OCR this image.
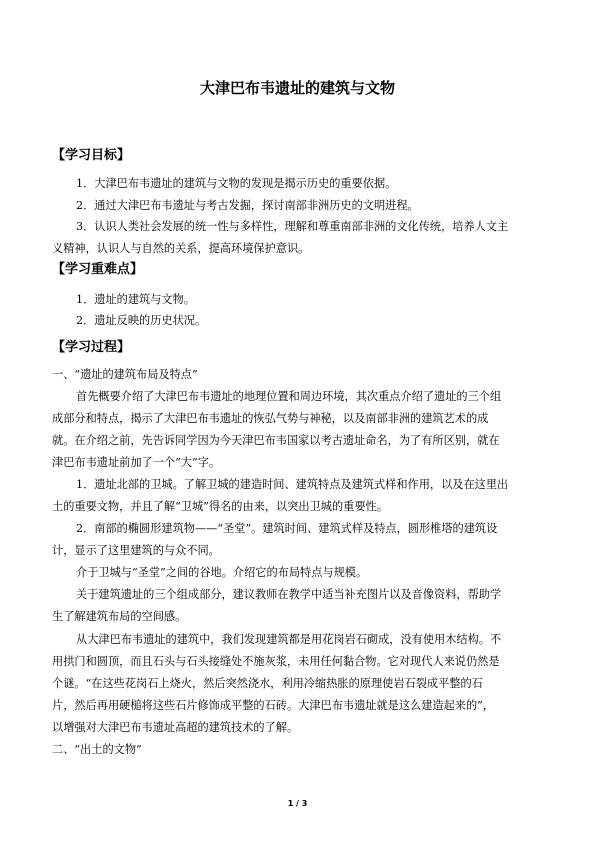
大津巴布韦遗址的建筑与文物
【学习目标】
1．大津巴布韦遗址的建筑与文物的发现是揭示历史的重要依据。
2．通过大津巴布韦遗址与考古发掘，探讨南部非洲历史的文明进程。
3．认识人类社会发展的统一性与多样性，理解和尊重南部非洲的文化传统，培养人文主
义精神，认识人与自然的关系，提高环境保护意识。
【学习重难点】
1．遗址的建筑与文物。
2．遗址反映的历史状况。
【学习过程】
一、“遗址的建筑布局及特点”
首先概要介绍了大津巴布韦遗址的地理位置和周边环境，其次重点介绍了遗址的三个组
成部分和特点，揭示了大津巴布韦遗址的恢弘气势与神秘，以及南部非洲的建筑艺术的成
就。在介绍之前，先告诉同学因为今天津巴布韦国家以考古遗址命名，为了有所区别，就在
津巴布韦遗址前加了一个“大”字。
1．遗址北部的卫城。了解卫城的建造时间、建筑特点及建筑式样和作用，以及在这里出
土的重要文物，并且了解“卫城”得名的由来，以突出卫城的重要性。
2．南部的椭圆形建筑物——“圣堂”。建筑时间、建筑式样及特点，圆形椎塔的建筑设
计，显示了这里建筑的与众不同。
介于卫城与“圣堂”之间的谷地。介绍它的布局特点与规模。
关于建筑遗址的三个组成部分，建议教师在教学中适当补充图片以及音像资料，帮助学
生了解建筑布局的空间感。
从大津巴布韦遗址的建筑中，我们发现建筑都是用花岗岩石砌成，没有使用木结构。不
用拱门和圆顶，而且石头与石头接缝处不施灰浆，未用任何黏合物。它对现代人来说仍然是
个谜。“在这些花岗石上烧火，然后突然浇水，利用冷缩热胀的原理使岩石裂成平整的石
片，然后再用硬槌将这些石片修饰成平整的石砖。大津巴布韦遗址就是这么建造起来的”，
以增强对大津巴布韦遗址高超的建筑技术的了解。
二、“出土的文物”
1 / 3
